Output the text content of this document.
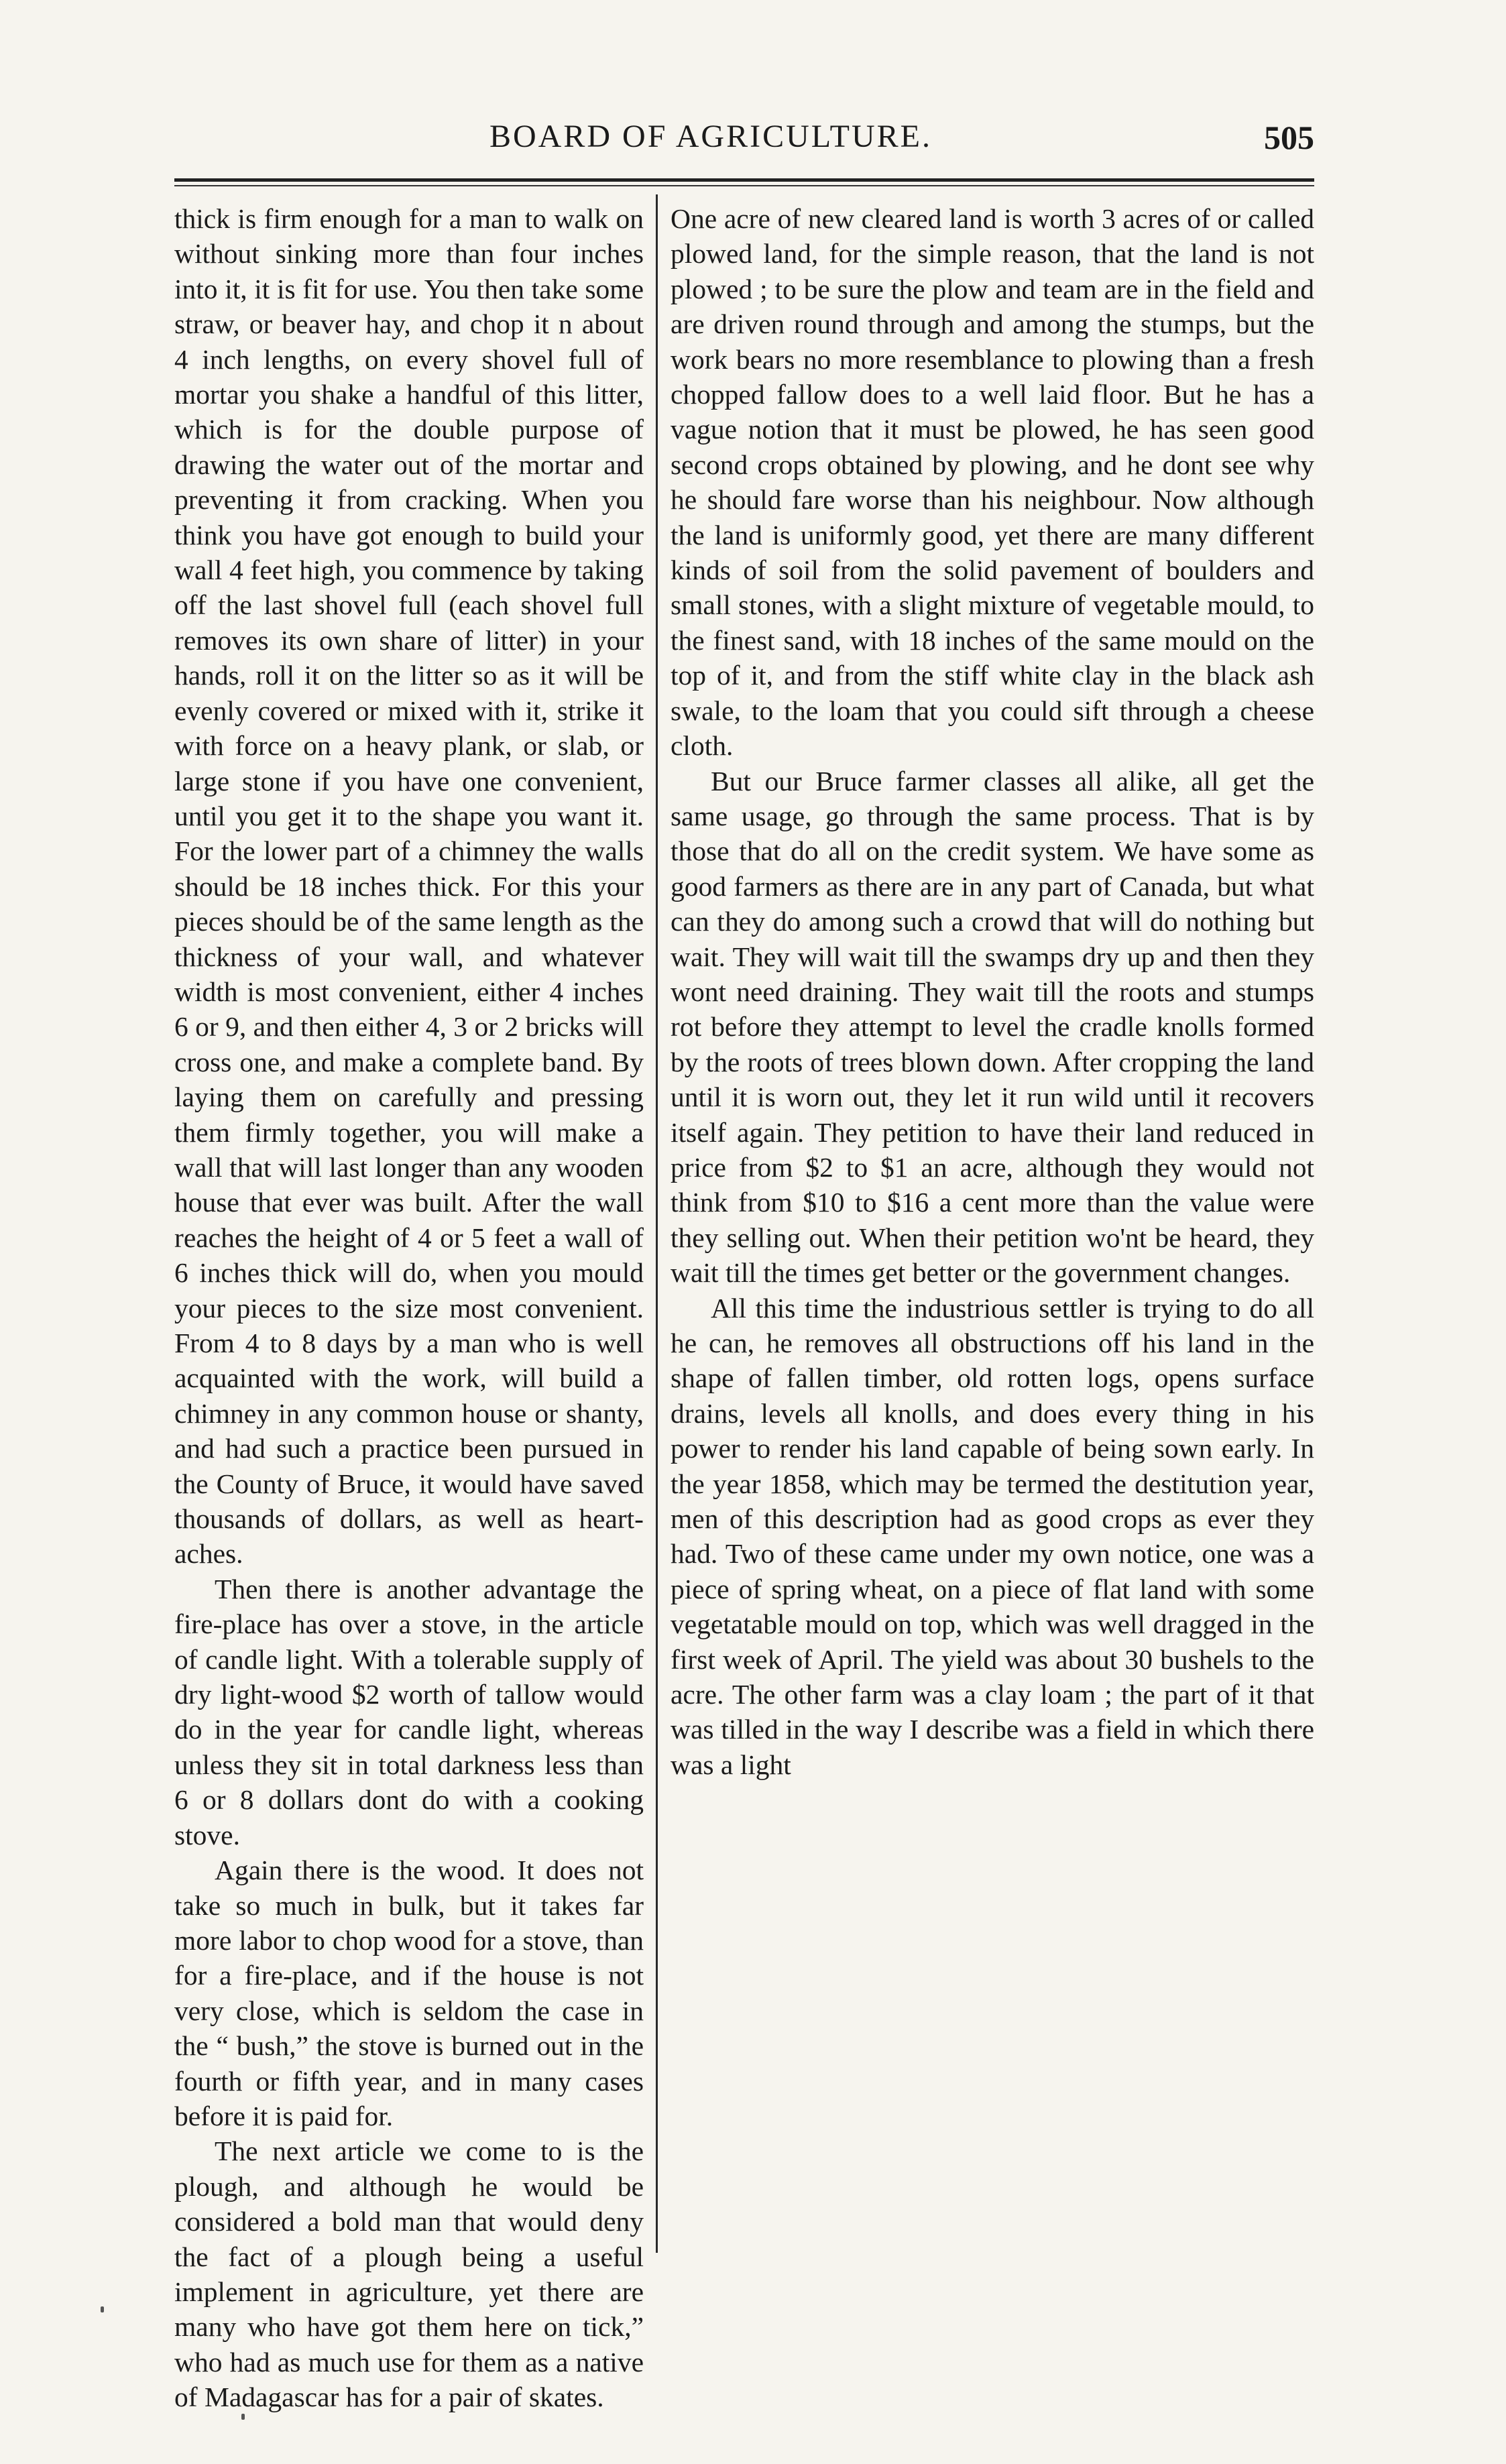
BOARD OF AGRICULTURE.	505

thick is firm enough for a man to walk on without sinking more than four inches into it, it is fit for use. You then take some straw, or beaver hay, and chop it n about 4 inch lengths, on every shovel full of mortar you shake a handful of this litter, which is for the double purpose of drawing the water out of the mortar and preventing it from cracking. When you think you have got enough to build your wall 4 feet high, you commence by taking off the last shovel full (each shovel full removes its own share of litter) in your hands, roll it on the litter so as it will be evenly covered or mixed with it, strike it with force on a heavy plank, or slab, or large stone if you have one convenient, until you get it to the shape you want it. For the lower part of a chimney the walls should be 18 inches thick. For this your pieces should be of the same length as the thickness of your wall, and whatever width is most convenient, either 4 inches 6 or 9, and then either 4, 3 or 2 bricks will cross one, and make a complete band. By laying them on carefully and pressing them firmly together, you will make a wall that will last longer than any wooden house that ever was built. After the wall reaches the height of 4 or 5 feet a wall of 6 inches thick will do, when you mould your pieces to the size most convenient. From 4 to 8 days by a man who is well acquainted with the work, will build a chimney in any common house or shanty, and had such a practice been pursued in the County of Bruce, it would have saved thousands of dollars, as well as heart-aches.

Then there is another advantage the fire-place has over a stove, in the article of candle light. With a tolerable supply of dry light-wood $2 worth of tallow would do in the year for candle light, whereas unless they sit in total darkness less than 6 or 8 dollars dont do with a cooking stove.

Again there is the wood. It does not take so much in bulk, but it takes far more labor to chop wood for a stove, than for a fire-place, and if the house is not very close, which is seldom the case in the “ bush,” the stove is burned out in the fourth or fifth year, and in many cases before it is paid for.

The next article we come to is the plough, and although he would be considered a bold man that would deny the fact of a plough being a useful implement in agriculture, yet there are many who have got them here on tick,” who had as much use for them as a native of Madagascar has for a pair of skates.

One acre of new cleared land is worth 3 acres of or called plowed land, for the simple reason, that the land is not plowed ; to be sure the plow and team are in the field and are driven round through and among the stumps, but the work bears no more resemblance to plowing than a fresh chopped fallow does to a well laid floor. But he has a vague notion that it must be plowed, he has seen good second crops obtained by plowing, and he dont see why he should fare worse than his neighbour. Now although the land is uniformly good, yet there are many different kinds of soil from the solid pavement of boulders and small stones, with a slight mixture of vegetable mould, to the finest sand, with 18 inches of the same mould on the top of it, and from the stiff white clay in the black ash swale, to the loam that you could sift through a cheese cloth.

But our Bruce farmer classes all alike, all get the same usage, go through the same process. That is by those that do all on the credit system. We have some as good farmers as there are in any part of Canada, but what can they do among such a crowd that will do nothing but wait. They will wait till the swamps dry up and then they wont need draining. They wait till the roots and stumps rot before they attempt to level the cradle knolls formed by the roots of trees blown down. After cropping the land until it is worn out, they let it run wild until it recovers itself again. They petition to have their land reduced in price from $2 to $1 an acre, although they would not think from $10 to $16 a cent more than the value were they selling out. When their petition wo'nt be heard, they wait till the times get better or the government changes.

All this time the industrious settler is trying to do all he can, he removes all obstructions off his land in the shape of fallen timber, old rotten logs, opens surface drains, levels all knolls, and does every thing in his power to render his land capable of being sown early. In the year 1858, which may be termed the destitution year, men of this description had as good crops as ever they had. Two of these came under my own notice, one was a piece of spring wheat, on a piece of flat land with some vegetatable mould on top, which was well dragged in the first week of April. The yield was about 30 bushels to the acre. The other farm was a clay loam ; the part of it that was tilled in the way I describe was a field in which there was a light
